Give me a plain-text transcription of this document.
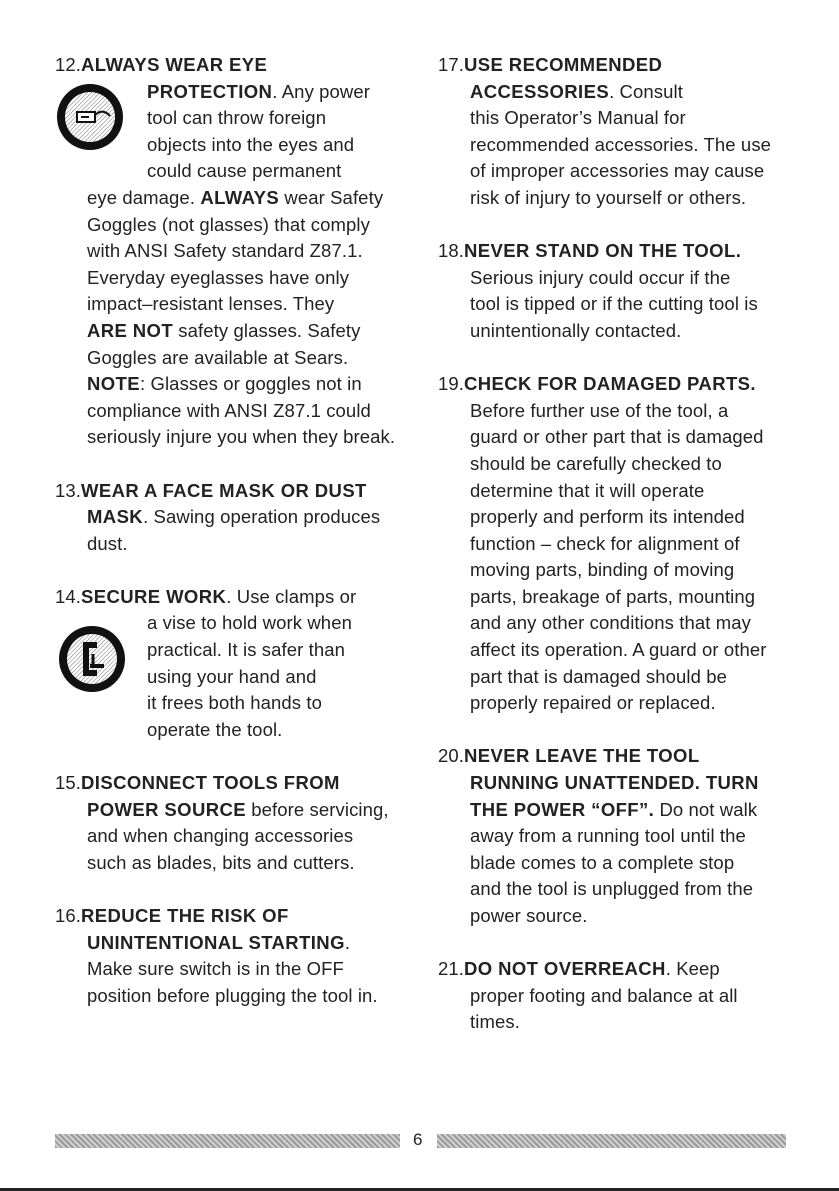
12.ALWAYS WEAR EYE
PROTECTION. Any power
tool can throw foreign
objects into the eyes and
could cause permanent
eye damage. ALWAYS wear Safety
Goggles (not glasses) that comply
with ANSI Safety standard Z87.1.
Everyday eyeglasses have only
impact–resistant lenses. They
ARE NOT safety glasses. Safety
Goggles are available at Sears.
NOTE: Glasses or goggles not in
compliance with ANSI Z87.1 could
seriously injure you when they break.
13.WEAR A FACE MASK OR DUST
MASK. Sawing operation produces
dust.
14.SECURE WORK. Use clamps or
a vise to hold work when
practical. It is safer than
using your hand and
it frees both hands to
operate the tool.
15.DISCONNECT TOOLS FROM
POWER SOURCE before servicing,
and when changing accessories
such as blades, bits and cutters.
16.REDUCE THE RISK OF
UNINTENTIONAL STARTING.
Make sure switch is in the OFF
position before plugging the tool in.
17.USE RECOMMENDED
ACCESSORIES. Consult
this Operator’s Manual for
recommended accessories. The use
of improper accessories may cause
risk of injury to yourself or others.
18.NEVER STAND ON THE TOOL.
Serious injury could occur if the
tool is tipped or if the cutting tool is
unintentionally contacted.
19.CHECK FOR DAMAGED PARTS.
Before further use of the tool, a
guard or other part that is damaged
should be carefully checked to
determine that it will operate
properly and perform its intended
function – check for alignment of
moving parts, binding of moving
parts, breakage of parts, mounting
and any other conditions that may
affect its operation. A guard or other
part that is damaged should be
properly repaired or replaced.
20.NEVER LEAVE THE TOOL
RUNNING UNATTENDED. TURN
THE POWER “OFF”. Do not walk
away from a running tool until the
blade comes to a complete stop
and the tool is unplugged from the
power source.
21.DO NOT OVERREACH. Keep
proper footing and balance at all
times.
6
